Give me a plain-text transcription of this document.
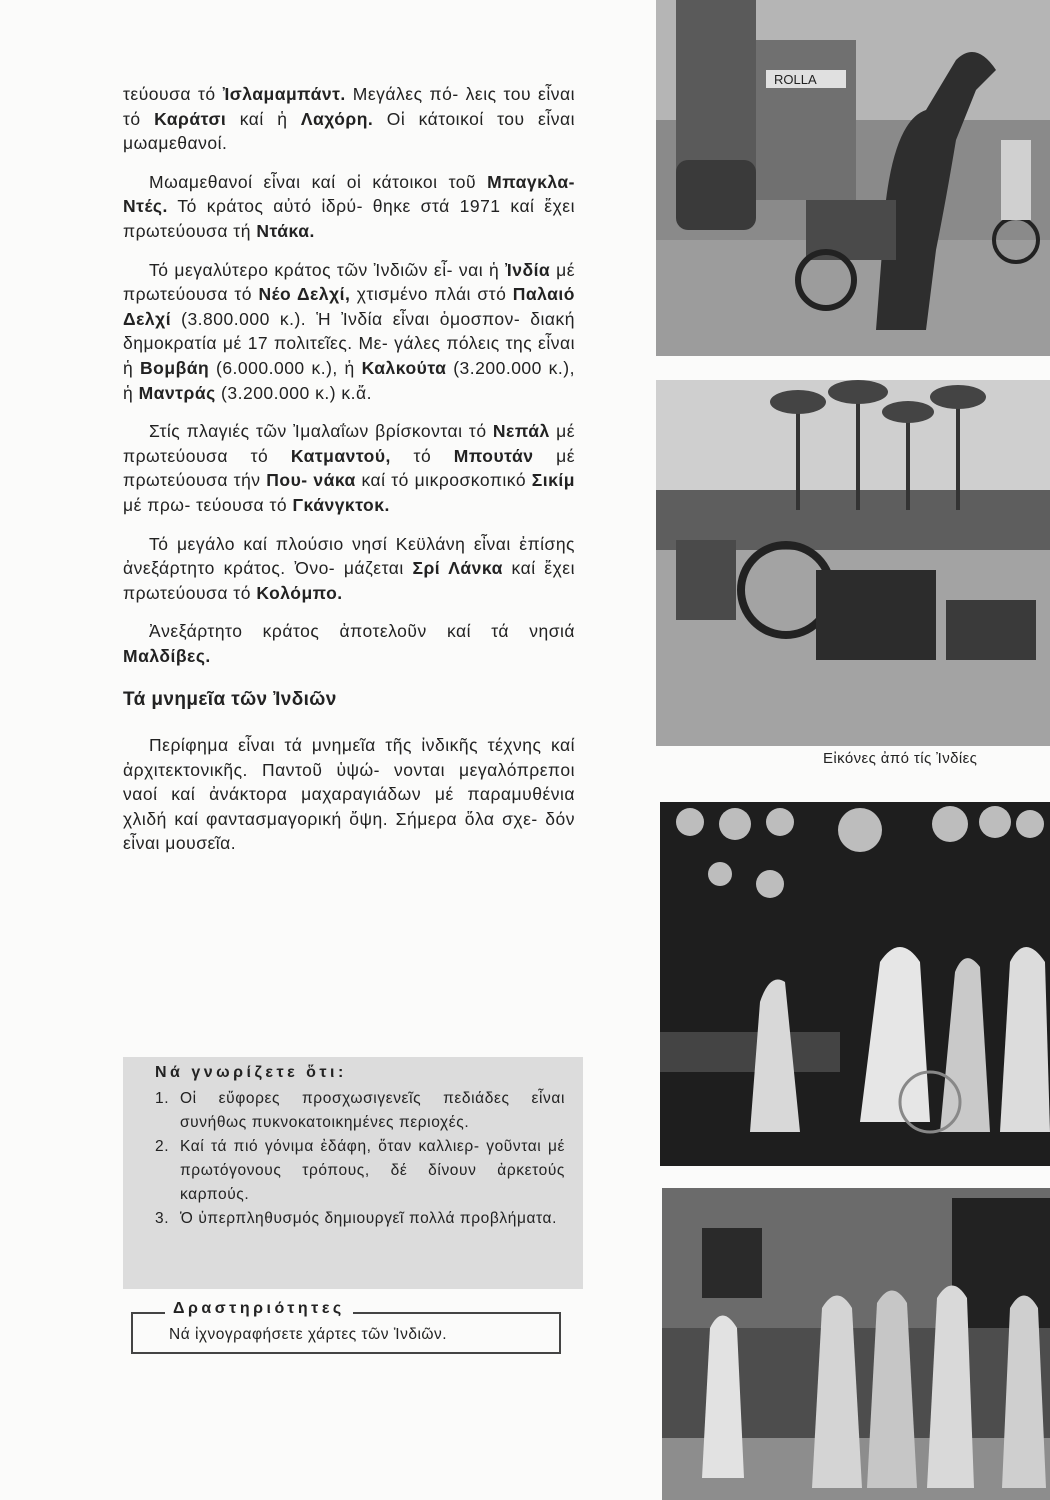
τεύουσα τό Ἰσλαμαμπάντ. Μεγάλες πό- λεις του εἶναι τό Καράτσι καί ἡ Λαχόρη. Οἱ κάτοικοί του εἶναι μωαμεθανοί.

Μωαμεθανοί εἶναι καί οἱ κάτοικοι τοῦ Μπαγκλα-Ντές. Τό κράτος αὐτό ἱδρύ- θηκε στά 1971 καί ἔχει πρωτεύουσα τή Ντάκα.

Τό μεγαλύτερο κράτος τῶν Ἰνδιῶν εἶ- ναι ἡ Ἰνδία μέ πρωτεύουσα τό Νέο Δελχί, χτισμένο πλάι στό Παλαιό Δελχί (3.800.000 κ.). Ἡ Ἰνδία εἶναι ὁμοσπον- διακή δημοκρατία μέ 17 πολιτεῖες. Με- γάλες πόλεις της εἶναι ἡ Βομβάη (6.000.000 κ.), ἡ Καλκούτα (3.200.000 κ.), ἡ Μαντράς (3.200.000 κ.) κ.ἄ.

Στίς πλαγιές τῶν Ἰμαλαΐων βρίσκονται τό Νεπάλ μέ πρωτεύουσα τό Κατμαντού, τό Μπουτάν μέ πρωτεύουσα τήν Που- νάκα καί τό μικροσκοπικό Σικίμ μέ πρω- τεύουσα τό Γκάνγκτοκ.

Τό μεγάλο καί πλούσιο νησί Κεϋλάνη εἶναι ἐπίσης ἀνεξάρτητο κράτος. Ὀνο- μάζεται Σρί Λάνκα καί ἔχει πρωτεύουσα τό Κολόμπο.

Ἀνεξάρτητο κράτος ἀποτελοῦν καί τά νησιά Μαλδίβες.

Τά μνημεῖα τῶν Ἰνδιῶν

Περίφημα εἶναι τά μνημεῖα τῆς ἰνδικῆς τέχνης καί ἀρχιτεκτονικῆς. Παντοῦ ὑψώ- νονται μεγαλόπρεποι ναοί καί ἀνάκτορα μαχαραγιάδων μέ παραμυθένια χλιδή καί φαντασμαγορική ὄψη. Σήμερα ὅλα σχε- δόν εἶναι μουσεῖα.

Νά γνωρίζετε ὅτι:
1. Οἱ εὔφορες προσχωσιγενεῖς πεδιάδες εἶναι συνήθως πυκνοκατοικημένες περιοχές.
2. Καί τά πιό γόνιμα ἐδάφη, ὅταν καλλιερ- γοῦνται μέ πρωτόγονους τρόπους, δέ δίνουν ἀρκετούς καρπούς.
3. Ὁ ὑπερπληθυσμός δημιουργεῖ πολλά προβλήματα.
Δραστηριότητες
Νά ἰχνογραφήσετε χάρτες τῶν Ἰνδιῶν.
ROLLA
Εἰκόνες ἀπό τίς Ἰνδίες
